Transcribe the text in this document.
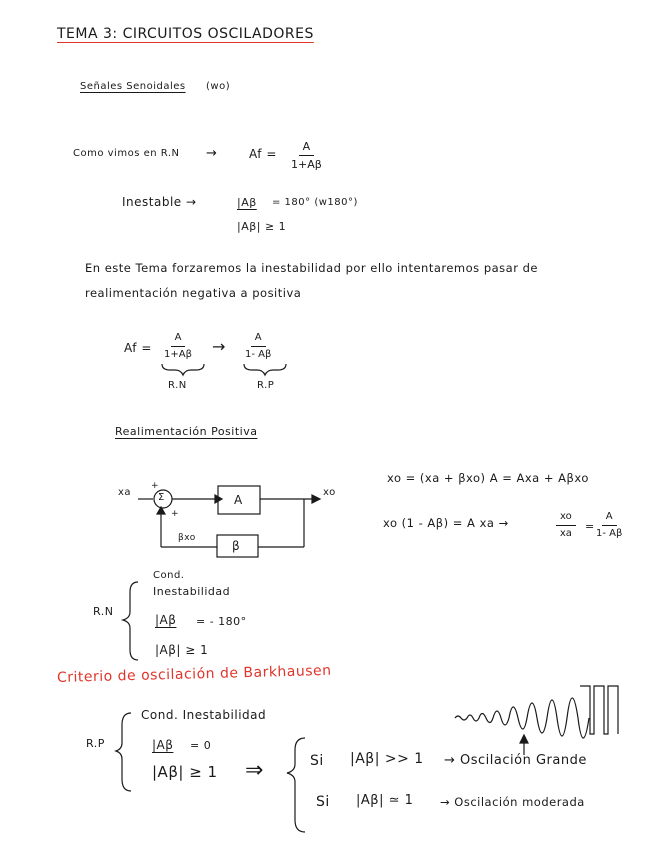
TEMA 3: CIRCUITOS OSCILADORES
Señales Senoidales (wo)
Como vimos en R.N →	$Af = \frac{A}{1+A\beta}$
Inestable →	|Aβ = 180° (w180°)
|Aβ| ≥ 1
En este Tema forzaremos la inestabilidad por ello intentaremos pasar de
realimentación negativa a positiva
$Af = \frac{A}{1+A\beta} \to \frac{A}{1- A\beta}$
R.N	R.P
Realimentación Positiva
xa
+
+
Σ	A
β
xo
βxo
xo = (xa + βxo) A = Axa + Aβxo
xo (1 - Aβ) = A xa →	$\frac{xo}{xa} = \frac{A}{1- A\beta}$
R.N
Cond.
Inestabilidad
|Aβ = - 180°
|Aβ| ≥ 1
Criterio de oscilación de Barkhausen
R.P
Cond. Inestabilidad
|Aβ = 0
|Aβ| ≥ 1 ⇒	Si |Aβ| >> 1 → Oscilación Grande
Si |Aβ| ≃ 1 → Oscilación moderada
